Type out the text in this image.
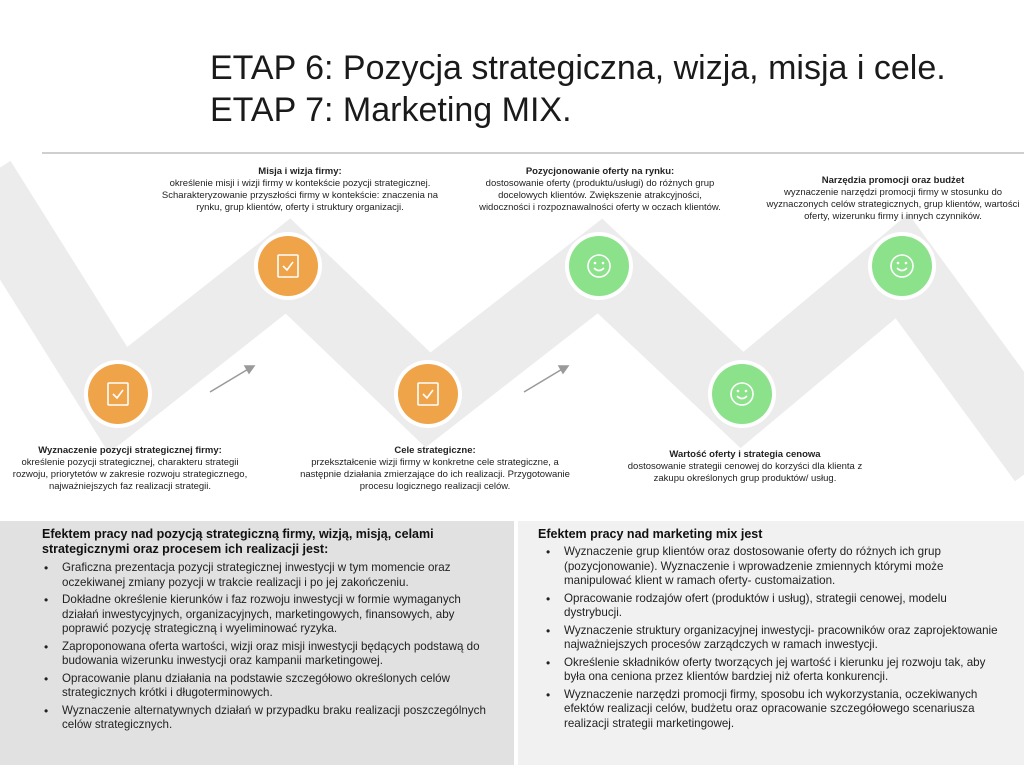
ETAP 6: Pozycja strategiczna, wizja, misja i cele.
ETAP 7: Marketing MIX.
Wyznaczenie pozycji strategicznej firmy:
określenie pozycji strategicznej, charakteru strategii rozwoju, priorytetów w zakresie rozwoju strategicznego, najważniejszych faz realizacji strategii.
Misja i wizja firmy:
określenie misji i wizji firmy w kontekście pozycji strategicznej. Scharakteryzowanie przyszłości firmy w kontekście: znaczenia na rynku, grup klientów, oferty i struktury organizacji.
Cele strategiczne:
przekształcenie wizji firmy w konkretne cele strategiczne, a następnie działania zmierzające do ich realizacji. Przygotowanie procesu logicznego realizacji celów.
Pozycjonowanie oferty na rynku:
dostosowanie oferty (produktu/usługi) do różnych grup docelowych klientów. Zwiększenie atrakcyjności, widoczności i rozpoznawalności oferty w oczach klientów.
Wartość oferty i strategia cenowa
dostosowanie strategii cenowej do korzyści dla klienta z zakupu określonych grup produktów/ usług.
Narzędzia promocji oraz budżet
wyznaczenie narzędzi promocji firmy w stosunku do wyznaczonych celów strategicznych, grup klientów, wartości oferty, wizerunku firmy i innych czynników.
Efektem pracy nad pozycją strategiczną firmy, wizją, misją, celami strategicznymi oraz procesem ich realizacji jest:
• Graficzna prezentacja pozycji strategicznej inwestycji w tym momencie oraz oczekiwanej zmiany pozycji w trakcie realizacji i po jej zakończeniu.
• Dokładne określenie kierunków i faz rozwoju inwestycji w formie wymaganych działań inwestycyjnych, organizacyjnych, marketingowych, finansowych, aby poprawić pozycję strategiczną i wyeliminować ryzyka.
• Zaproponowana oferta wartości, wizji oraz misji inwestycji będących podstawą do budowania wizerunku inwestycji oraz kampanii marketingowej.
• Opracowanie planu działania na podstawie szczegółowo określonych celów strategicznych krótki i długoterminowych.
• Wyznaczenie alternatywnych działań w przypadku braku realizacji poszczególnych celów strategicznych.
Efektem pracy nad marketing mix jest
• Wyznaczenie grup klientów oraz dostosowanie oferty do różnych ich grup (pozycjonowanie). Wyznaczenie i wprowadzenie zmiennych którymi może manipulować klient w ramach oferty- customaization.
• Opracowanie rodzajów ofert (produktów i usług), strategii cenowej, modelu dystrybucji.
• Wyznaczenie struktury organizacyjnej inwestycji- pracowników oraz zaprojektowanie najważniejszych procesów zarządczych w ramach inwestycji.
• Określenie składników oferty tworzących jej wartość i kierunku jej rozwoju tak, aby była ona ceniona przez klientów bardziej niż oferta konkurencji.
• Wyznaczenie narzędzi promocji firmy, sposobu ich wykorzystania, oczekiwanych efektów realizacji celów, budżetu oraz opracowanie szczegółowego scenariusza realizacji strategii marketingowej.
